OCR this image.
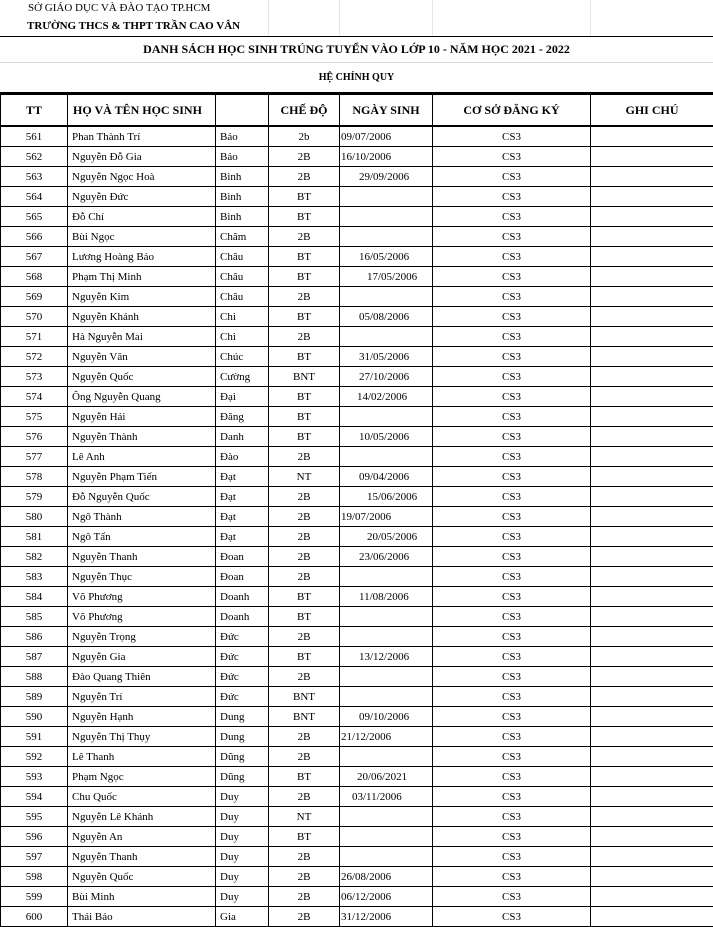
SỞ GIÁO DỤC VÀ ĐÀO TẠO TP.HCM				
TRƯỜNG THCS & THPT TRẦN CAO VÂN				
DANH SÁCH HỌC SINH TRÚNG TUYỂN VÀO LỚP 10 - NĂM HỌC 2021 - 2022				
HỆ CHÍNH QUY				
TT	HỌ VÀ TÊN HỌC SINH		CHẾ ĐỘ	NGÀY SINH	CƠ SỞ ĐĂNG KÝ	GHI CHÚ
561	Phan Thành Trí	Bảo	2b	09/07/2006	CS3	
562	Nguyễn Đỗ Gia	Bảo	2B	16/10/2006	CS3	
563	Nguyễn Ngọc Hoà	Bình	2B	29/09/2006	CS3	
564	Nguyễn Đức	Bình	BT		CS3	
565	Đỗ Chí	Bình	BT		CS3	
566	Bùi Ngọc	Châm	2B		CS3	
567	Lương Hoàng Bảo	Châu	BT	16/05/2006	CS3	
568	Phạm Thị Minh	Châu	BT	17/05/2006	CS3	
569	Nguyễn Kim	Châu	2B		CS3	
570	Nguyễn Khánh	Chi	BT	05/08/2006	CS3	
571	Hà Nguyễn Mai	Chi	2B		CS3	
572	Nguyễn Văn	Chúc	BT	31/05/2006	CS3	
573	Nguyễn Quốc	Cường	BNT	27/10/2006	CS3	
574	Ông Nguyễn Quang	Đại	BT	14/02/2006	CS3	
575	Nguyễn Hải	Đăng	BT		CS3	
576	Nguyễn Thành	Danh	BT	10/05/2006	CS3	
577	Lê Anh	Đào	2B		CS3	
578	Nguyễn Phạm Tiến	Đạt	NT	09/04/2006	CS3	
579	Đỗ Nguyễn Quốc	Đạt	2B	15/06/2006	CS3	
580	Ngô Thành	Đạt	2B	19/07/2006	CS3	
581	Ngô Tấn	Đạt	2B	20/05/2006	CS3	
582	Nguyễn Thanh	Đoan	2B	23/06/2006	CS3	
583	Nguyễn Thục	Đoan	2B		CS3	
584	Võ Phương	Doanh	BT	11/08/2006	CS3	
585	Võ Phương	Doanh	BT		CS3	
586	Nguyễn Trọng	Đức	2B		CS3	
587	Nguyễn Gia	Đức	BT	13/12/2006	CS3	
588	Đào Quang Thiên	Đức	2B		CS3	
589	Nguyễn Trí	Đức	BNT		CS3	
590	Nguyễn Hạnh	Dung	BNT	09/10/2006	CS3	
591	Nguyễn Thị Thụy	Dung	2B	21/12/2006	CS3	
592	Lê Thanh	Dũng	2B		CS3	
593	Phạm Ngọc	Dũng	BT	20/06/2021	CS3	
594	Chu Quốc	Duy	2B	03/11/2006	CS3	
595	Nguyễn Lê Khánh	Duy	NT		CS3	
596	Nguyễn An	Duy	BT		CS3	
597	Nguyễn Thanh	Duy	2B		CS3	
598	Nguyễn Quốc	Duy	2B	26/08/2006	CS3	
599	Bùi Minh	Duy	2B	06/12/2006	CS3	
600	Thái Bảo	Gia	2B	31/12/2006	CS3	
